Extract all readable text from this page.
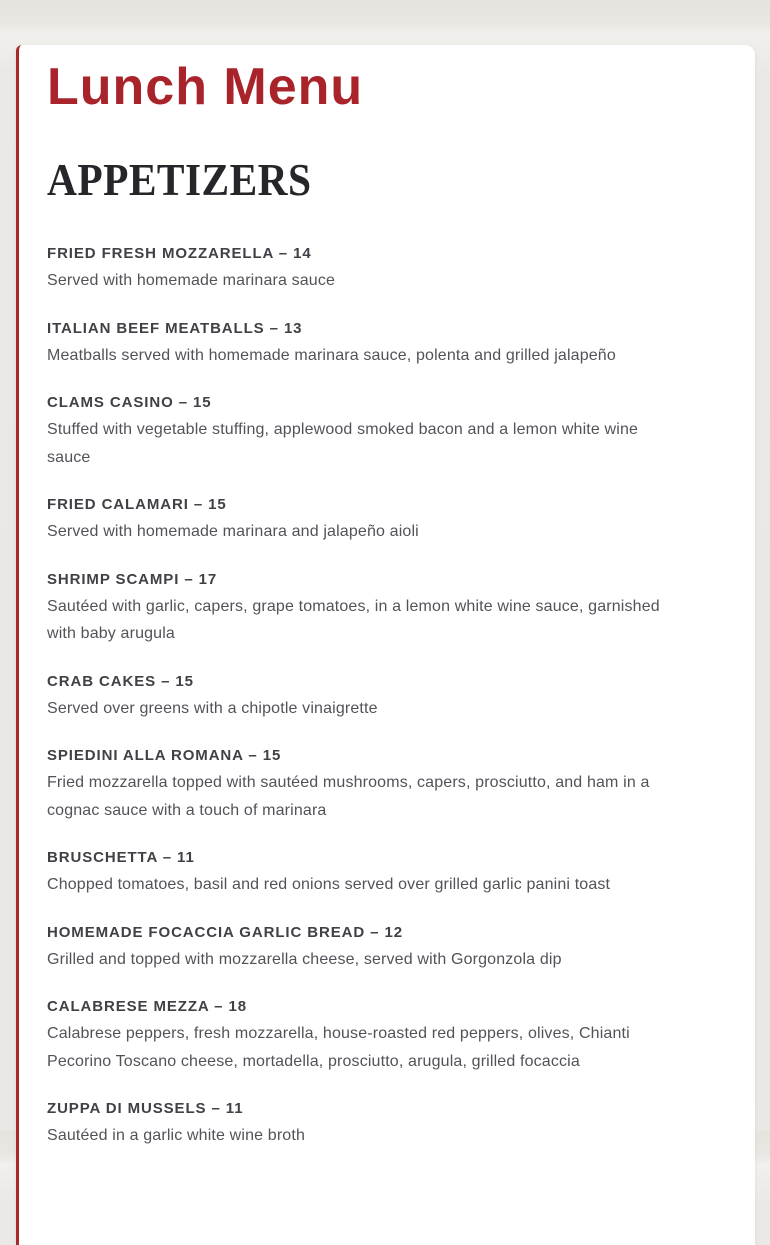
Lunch Menu
APPETIZERS
FRIED FRESH MOZZARELLA – 14
Served with homemade marinara sauce
ITALIAN BEEF MEATBALLS – 13
Meatballs served with homemade marinara sauce, polenta and grilled jalapeño
CLAMS CASINO – 15
Stuffed with vegetable stuffing, applewood smoked bacon and a lemon white wine
sauce
FRIED CALAMARI – 15
Served with homemade marinara and jalapeño aioli
SHRIMP SCAMPI – 17
Sautéed with garlic, capers, grape tomatoes, in a lemon white wine sauce, garnished
with baby arugula
CRAB CAKES – 15
Served over greens with a chipotle vinaigrette
SPIEDINI ALLA ROMANA – 15
Fried mozzarella topped with sautéed mushrooms, capers, prosciutto, and ham in a
cognac sauce with a touch of marinara
BRUSCHETTA – 11
Chopped tomatoes, basil and red onions served over grilled garlic panini toast
HOMEMADE FOCACCIA GARLIC BREAD – 12
Grilled and topped with mozzarella cheese, served with Gorgonzola dip
CALABRESE MEZZA – 18
Calabrese peppers, fresh mozzarella, house-roasted red peppers, olives, Chianti
Pecorino Toscano cheese, mortadella, prosciutto, arugula, grilled focaccia
ZUPPA DI MUSSELS – 11
Sautéed in a garlic white wine broth
